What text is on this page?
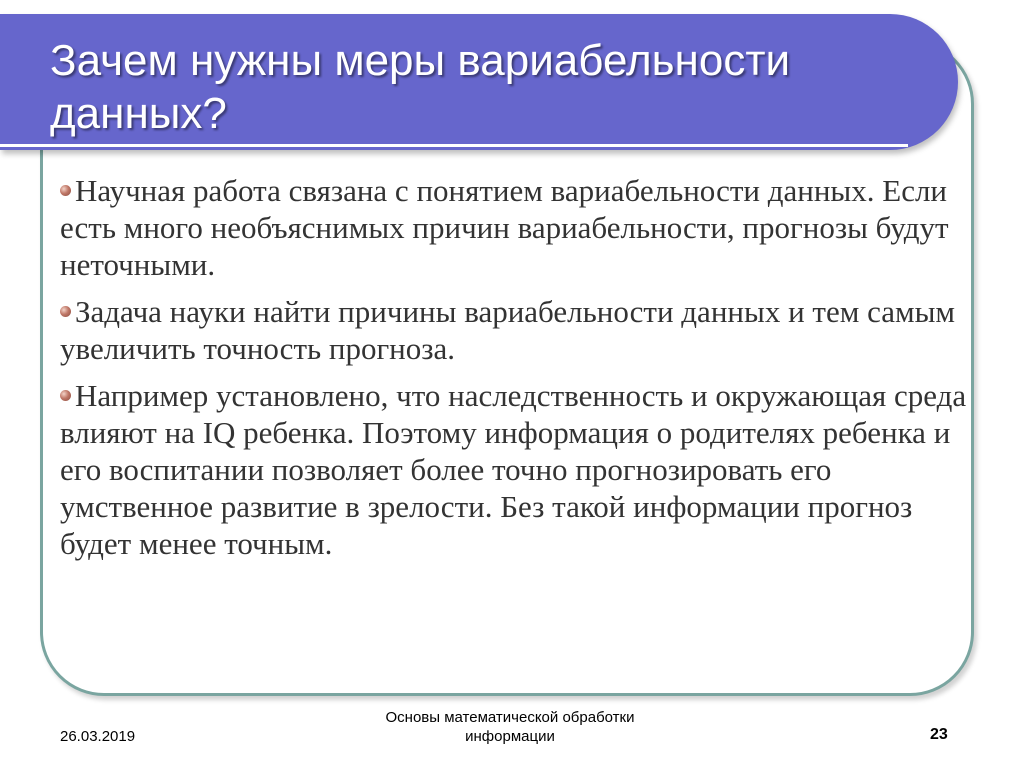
Зачем нужны меры вариабельности данных?
Научная работа связана с понятием вариабельности данных. Если есть много необъяснимых причин вариабельности, прогнозы будут неточными.
Задача науки найти причины вариабельности данных и тем самым увеличить точность прогноза.
Например установлено, что наследственность и окружающая среда влияют на IQ ребенка. Поэтому информация о родителях ребенка и его воспитании позволяет более точно прогнозировать его умственное развитие в зрелости. Без такой информации прогноз будет менее точным.
26.03.2019
Основы математической обработки информации	23
